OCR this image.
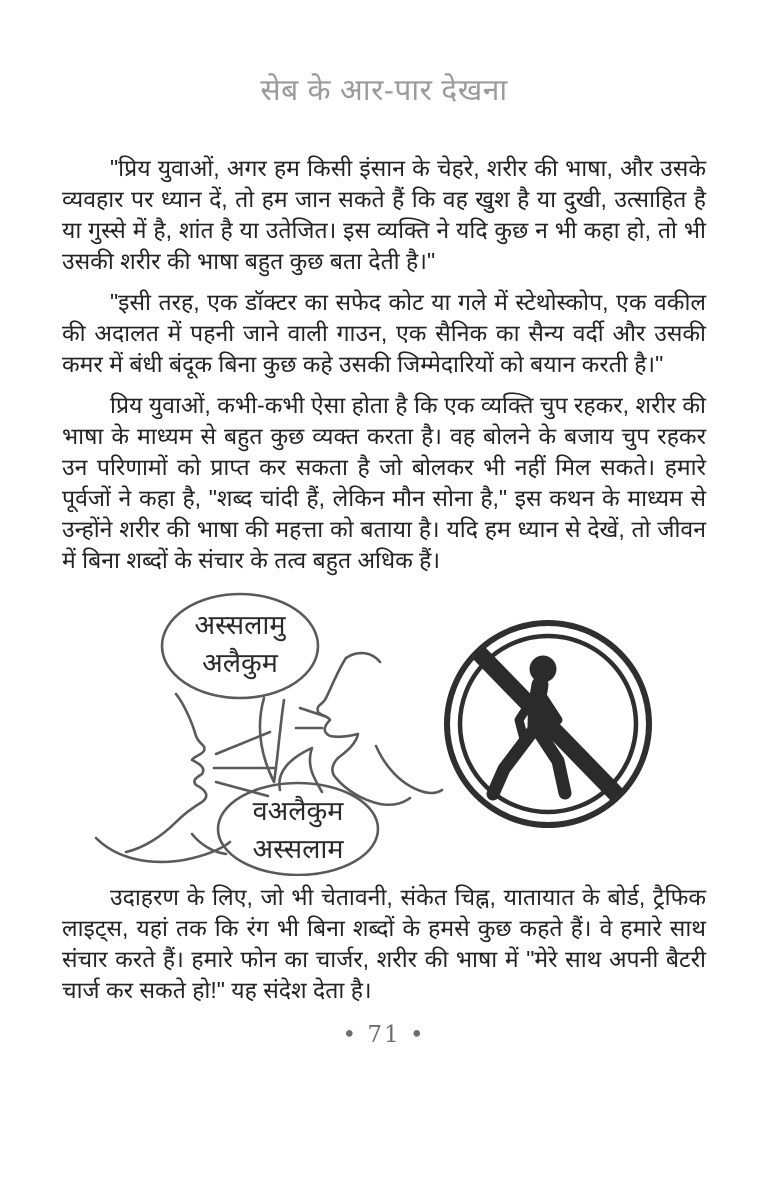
सेब के आर-पार देखना

"प्रिय युवाओं, अगर हम किसी इंसान के चेहरे, शरीर की भाषा, और उसके व्यवहार पर ध्यान दें, तो हम जान सकते हैं कि वह खुश है या दुखी, उत्साहित है या गुस्से में है, शांत है या उतेजित। इस व्यक्ति ने यदि कुछ न भी कहा हो, तो भी उसकी शरीर की भाषा बहुत कुछ बता देती है।"

"इसी तरह, एक डॉक्टर का सफेद कोट या गले में स्टेथोस्कोप, एक वकील की अदालत में पहनी जाने वाली गाउन, एक सैनिक का सैन्य वर्दी और उसकी कमर में बंधी बंदूक बिना कुछ कहे उसकी जिम्मेदारियों को बयान करती है।"

प्रिय युवाओं, कभी-कभी ऐसा होता है कि एक व्यक्ति चुप रहकर, शरीर की भाषा के माध्यम से बहुत कुछ व्यक्त करता है। वह बोलने के बजाय चुप रहकर उन परिणामों को प्राप्त कर सकता है जो बोलकर भी नहीं मिल सकते। हमारे पूर्वजों ने कहा है, "शब्द चांदी हैं, लेकिन मौन सोना है," इस कथन के माध्यम से उन्होंने शरीर की भाषा की महत्ता को बताया है। यदि हम ध्यान से देखें, तो जीवन में बिना शब्दों के संचार के तत्व बहुत अधिक हैं।

अस्सलामु
अलैकुम
वअलैकुम
अस्सलाम

उदाहरण के लिए, जो भी चेतावनी, संकेत चिह्न, यातायात के बोर्ड, ट्रैफिक लाइट्स, यहां तक कि रंग भी बिना शब्दों के हमसे कुछ कहते हैं। वे हमारे साथ संचार करते हैं। हमारे फोन का चार्जर, शरीर की भाषा में "मेरे साथ अपनी बैटरी चार्ज कर सकते हो!" यह संदेश देता है।

• 71 •
